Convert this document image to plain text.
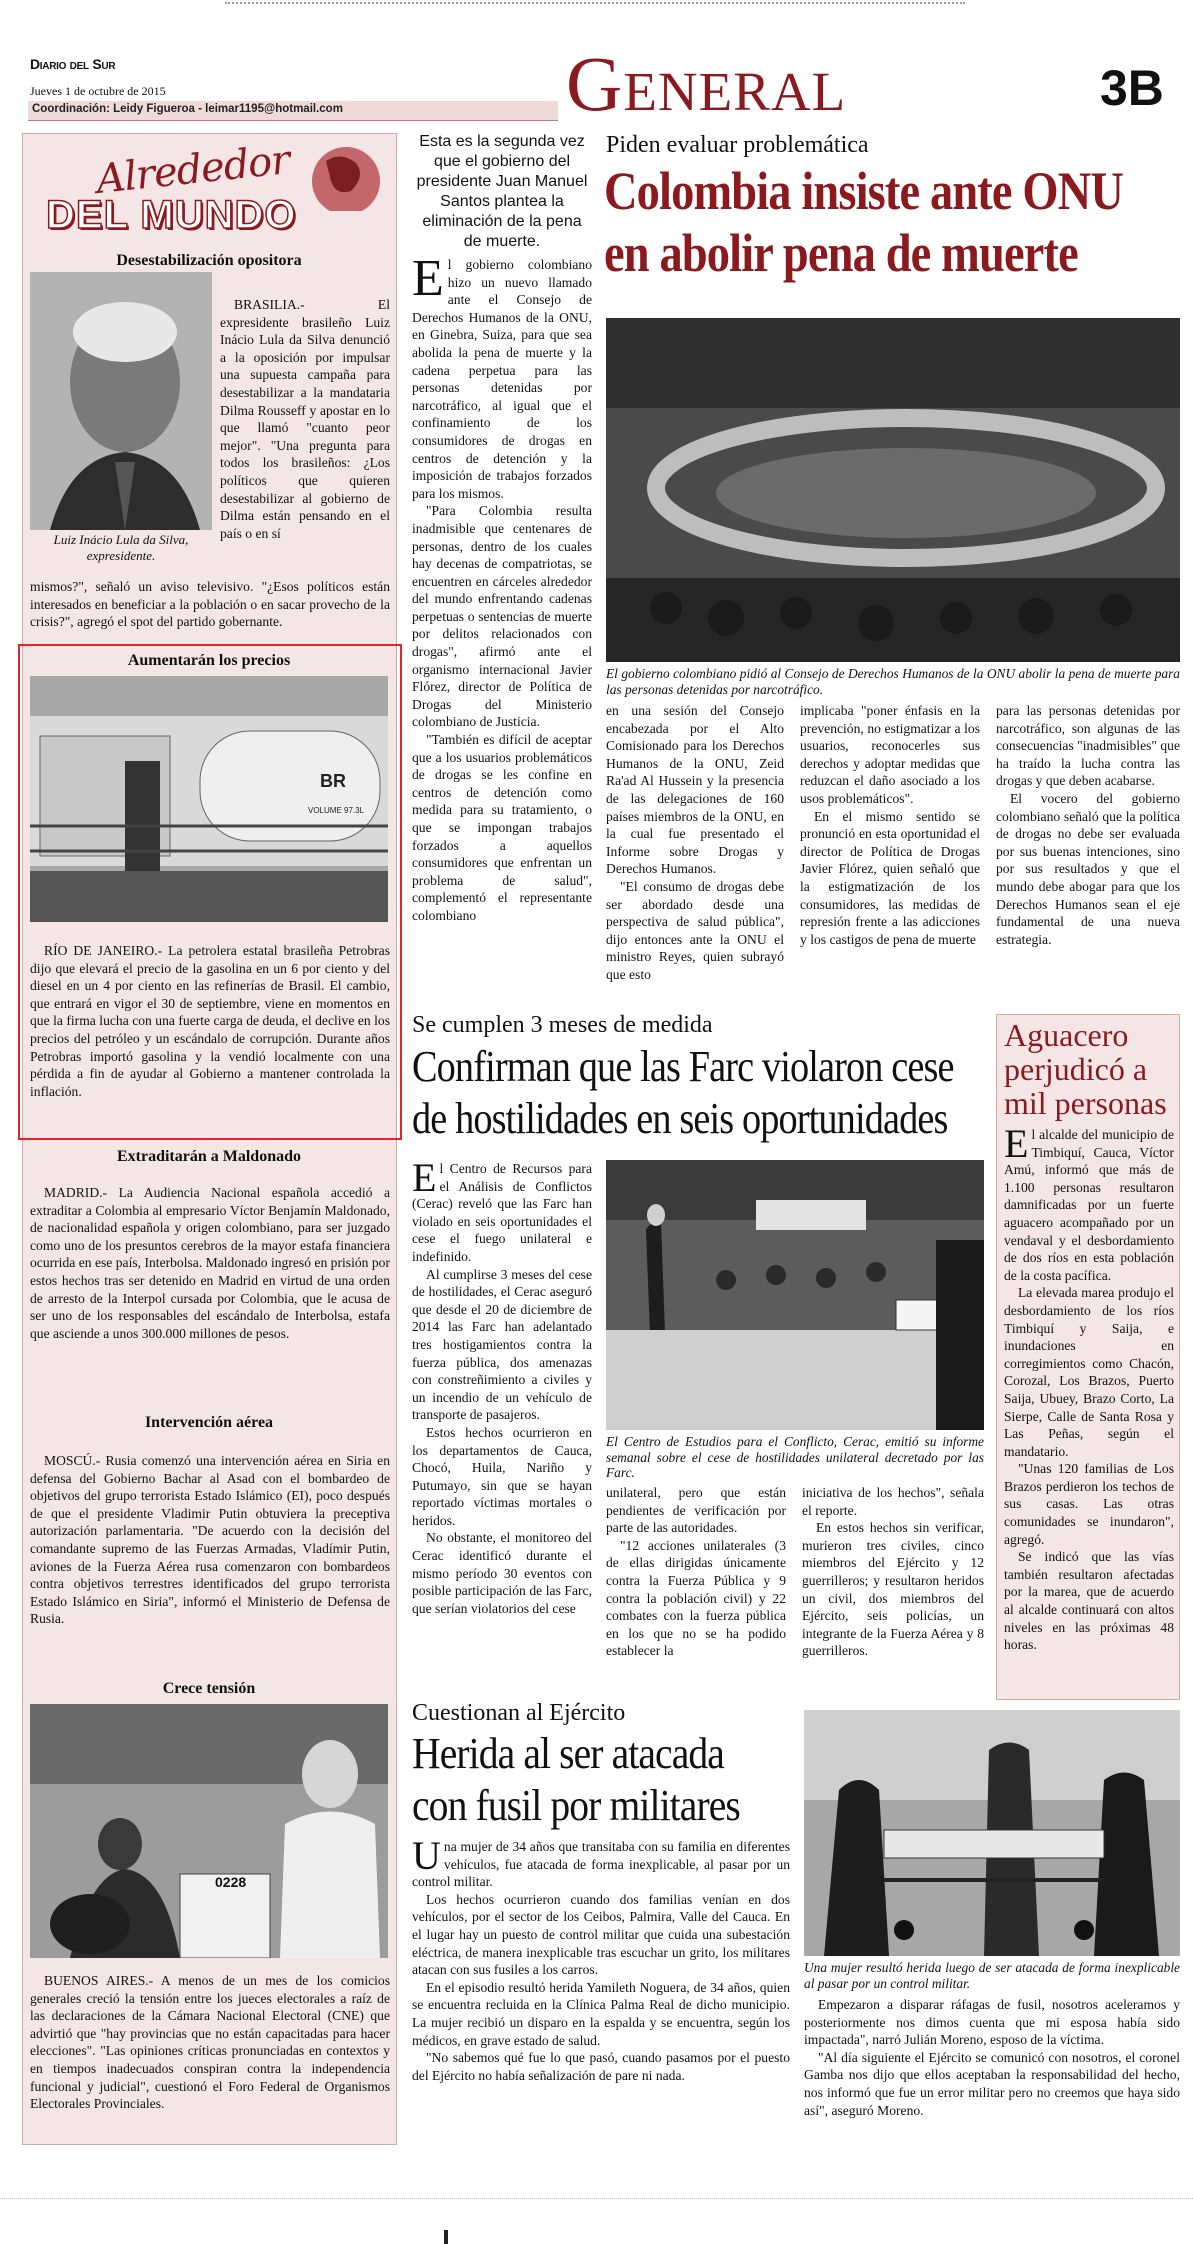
Diario del Sur
Jueves 1 de octubre de 2015
Coordinación: Leidy Figueroa - leimar1195@hotmail.com	General	3B
Alrededor
DEL MUNDO
Desestabilización opositora
Luiz Inácio Lula da Silva, expresidente.

BRASILIA.- El expresidente brasileño Luiz Inácio Lula da Silva denunció a la oposición por impulsar una supuesta campaña para desestabilizar a la mandataria Dilma Rousseff y apostar en lo que llamó "cuanto peor mejor". "Una pregunta para todos los brasileños: ¿Los políticos que quieren desestabilizar al gobierno de Dilma están pensando en el país o en sí

mismos?", señaló un aviso televisivo. "¿Esos políticos están interesados en beneficiar a la población o en sacar provecho de la crisis?", agregó el spot del partido gobernante.

Aumentarán los precios
BR
VOLUME 97.3L

RÍO DE JANEIRO.- La petrolera estatal brasileña Petrobras dijo que elevará el precio de la gasolina en un 6 por ciento y del diesel en un 4 por ciento en las refinerías de Brasil. El cambio, que entrará en vigor el 30 de septiembre, viene en momentos en que la firma lucha con una fuerte carga de deuda, el declive en los precios del petróleo y un escándalo de corrupción. Durante años Petrobras importó gasolina y la vendió localmente con una pérdida a fin de ayudar al Gobierno a mantener controlada la inflación.

Extraditarán a Maldonado

MADRID.- La Audiencia Nacional española accedió a extraditar a Colombia al empresario Víctor Benjamín Maldonado, de nacionalidad española y origen colombiano, para ser juzgado como uno de los presuntos cerebros de la mayor estafa financiera ocurrida en ese país, Interbolsa. Maldonado ingresó en prisión por estos hechos tras ser detenido en Madrid en virtud de una orden de arresto de la Interpol cursada por Colombia, que le acusa de ser uno de los responsables del escándalo de Interbolsa, estafa que asciende a unos 300.000 millones de pesos.

Intervención aérea

MOSCÚ.- Rusia comenzó una intervención aérea en Siria en defensa del Gobierno Bachar al Asad con el bombardeo de objetivos del grupo terrorista Estado Islámico (EI), poco después de que el presidente Vladimir Putin obtuviera la preceptiva autorización parlamentaria. "De acuerdo con la decisión del comandante supremo de las Fuerzas Armadas, Vladímir Putin, aviones de la Fuerza Aérea rusa comenzaron con bombardeos contra objetivos terrestres identificados del grupo terrorista Estado Islámico en Siria", informó el Ministerio de Defensa de Rusia.

Crece tensión
0228

BUENOS AIRES.- A menos de un mes de los comicios generales creció la tensión entre los jueces electorales a raíz de las declaraciones de la Cámara Nacional Electoral (CNE) que advirtió que "hay provincias que no están capacitadas para hacer elecciones". "Las opiniones críticas pronunciadas en contextos y en tiempos inadecuados conspiran contra la independencia funcional y judicial", cuestionó el Foro Federal de Organismos Electorales Provinciales.

Esta es la segunda vez que el gobierno del presidente Juan Manuel Santos plantea la eliminación de la pena de muerte.
Piden evaluar problemática
Colombia insiste ante ONU
en abolir pena de muerte
El gobierno colombiano pidió al Consejo de Derechos Humanos de la ONU abolir la pena de muerte para las personas detenidas por narcotráfico.
E l gobierno colombiano hizo un nuevo llamado ante el Consejo de Derechos Humanos de la ONU, en Ginebra, Suiza, para que sea abolida la pena de muerte y la cadena perpetua para las personas detenidas por narcotráfico, al igual que el confinamiento de los consumidores de drogas en centros de detención y la imposición de trabajos forzados para los mismos.

"Para Colombia resulta inadmisible que centenares de personas, dentro de los cuales hay decenas de compatriotas, se encuentren en cárceles alrededor del mundo enfrentando cadenas perpetuas o sentencias de muerte por delitos relacionados con drogas", afirmó ante el organismo internacional Javier Flórez, director de Política de Drogas del Ministerio colombiano de Justicia.

"También es difícil de aceptar que a los usuarios problemáticos de drogas se les confine en centros de detención como medida para su tratamiento, o que se impongan trabajos forzados a aquellos consumidores que enfrentan un problema de salud", complementó el representante colombiano

en una sesión del Consejo encabezada por el Alto Comisionado para los Derechos Humanos de la ONU, Zeid Ra'ad Al Hussein y la presencia de las delegaciones de 160 países miembros de la ONU, en la cual fue presentado el Informe sobre Drogas y Derechos Humanos.

"El consumo de drogas debe ser abordado desde una perspectiva de salud pública", dijo entonces ante la ONU el ministro Reyes, quien subrayó que esto

implicaba "poner énfasis en la prevención, no estigmatizar a los usuarios, reconocerles sus derechos y adoptar medidas que reduzcan el daño asociado a los usos problemáticos".

En el mismo sentido se pronunció en esta oportunidad el director de Política de Drogas Javier Flórez, quien señaló que la estigmatización de los consumidores, las medidas de represión frente a las adicciones y los castigos de pena de muerte

para las personas detenidas por narcotráfico, son algunas de las consecuencias "inadmisibles" que ha traído la lucha contra las drogas y que deben acabarse.

El vocero del gobierno colombiano señaló que la política de drogas no debe ser evaluada por sus buenas intenciones, sino por sus resultados y que el mundo debe abogar para que los Derechos Humanos sean el eje fundamental de una nueva estrategia.

Se cumplen 3 meses de medida
Confirman que las Farc violaron cese
de hostilidades en seis oportunidades
El Centro de Estudios para el Conflicto, Cerac, emitió su informe semanal sobre el cese de hostilidades unilateral decretado por las Farc.
E l Centro de Recursos para el Análisis de Conflictos (Cerac) reveló que las Farc han violado en seis oportunidades el cese el fuego unilateral e indefinido.

Al cumplirse 3 meses del cese de hostilidades, el Cerac aseguró que desde el 20 de diciembre de 2014 las Farc han adelantado tres hostigamientos contra la fuerza pública, dos amenazas con constreñimiento a civiles y un incendio de un vehículo de transporte de pasajeros.

Estos hechos ocurrieron en los departamentos de Cauca, Chocó, Huila, Nariño y Putumayo, sin que se hayan reportado víctimas mortales o heridos.

No obstante, el monitoreo del Cerac identificó durante el mismo período 30 eventos con posible participación de las Farc, que serían violatorios del cese

unilateral, pero que están pendientes de verificación por parte de las autoridades.

"12 acciones unilaterales (3 de ellas dirigidas únicamente contra la Fuerza Pública y 9 contra la población civil) y 22 combates con la fuerza pública en los que no se ha podido establecer la

iniciativa de los hechos", señala el reporte.

En estos hechos sin verificar, murieron tres civiles, cinco miembros del Ejército y 12 guerrilleros; y resultaron heridos un civil, dos miembros del Ejército, seis policías, un integrante de la Fuerza Aérea y 8 guerrilleros.

Aguacero
perjudicó a
mil personas
E l alcalde del municipio de Timbiquí, Cauca, Víctor Amú, informó que más de 1.100 personas resultaron damnificadas por un fuerte aguacero acompañado por un vendaval y el desbordamiento de dos ríos en esta población de la costa pacífica.

La elevada marea produjo el desbordamiento de los ríos Timbiquí y Saija, e inundaciones en corregimientos como Chacón, Corozal, Los Brazos, Puerto Saija, Ubuey, Brazo Corto, La Sierpe, Calle de Santa Rosa y Las Peñas, según el mandatario.

"Unas 120 familias de Los Brazos perdieron los techos de sus casas. Las otras comunidades se inundaron", agregó.

Se indicó que las vías también resultaron afectadas por la marea, que de acuerdo al alcalde continuará con altos niveles en las próximas 48 horas.

Cuestionan al Ejército
Herida al ser atacada
con fusil por militares
U na mujer de 34 años que transitaba con su familia en diferentes vehículos, fue atacada de forma inexplicable, al pasar por un control militar.

Los hechos ocurrieron cuando dos familias venían en dos vehículos, por el sector de los Ceibos, Palmira, Valle del Cauca. En el lugar hay un puesto de control militar que cuida una subestación eléctrica, de manera inexplicable tras escuchar un grito, los militares atacan con sus fusiles a los carros.

En el episodio resultó herida Yamileth Noguera, de 34 años, quien se encuentra recluida en la Clínica Palma Real de dicho municipio. La mujer recibió un disparo en la espalda y se encuentra, según los médicos, en grave estado de salud.

"No sabemos qué fue lo que pasó, cuando pasamos por el puesto del Ejército no había señalización de pare ni nada.

Una mujer resultó herida luego de ser atacada de forma inexplicable al pasar por un control militar.

Empezaron a disparar ráfagas de fusil, nosotros aceleramos y posteriormente nos dimos cuenta que mi esposa había sido impactada", narró Julián Moreno, esposo de la víctima.

"Al día siguiente el Ejército se comunicó con nosotros, el coronel Gamba nos dijo que ellos aceptaban la responsabilidad del hecho, nos informó que fue un error militar pero no creemos que haya sido así", aseguró Moreno.
